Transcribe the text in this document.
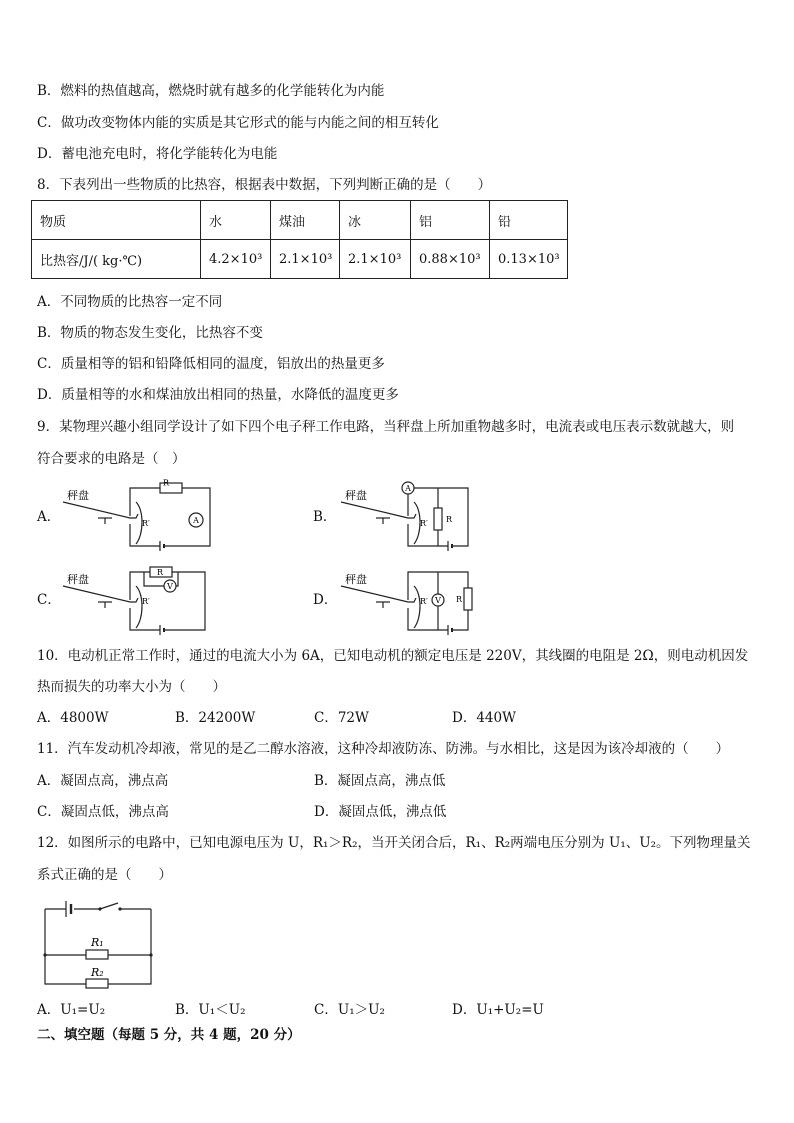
B．燃料的热值越高，燃烧时就有越多的化学能转化为内能
C．做功改变物体内能的实质是其它形式的能与内能之间的相互转化
D．蓄电池充电时，将化学能转化为电能
8．下表列出一些物质的比热容，根据表中数据，下列判断正确的是（　　）
物质	水	煤油	冰	铝	铅
比热容/J/( kg·℃)	4.2×10³	2.1×10³	2.1×10³	0.88×10³	0.13×10³
A．不同物质的比热容一定不同
B．物质的物态发生变化，比热容不变
C．质量相等的铝和铅降低相同的温度，铝放出的热量更多
D．质量相等的水和煤油放出相同的热量，水降低的温度更多
9．某物理兴趣小组同学设计了如下四个电子秤工作电路，当秤盘上所加重物越多时，电流表或电压表示数就越大，则
符合要求的电路是（　）
A．
秤盘
R
R′	A	B．
秤盘
R
R′
A
C．
秤盘
R
R′
V
D．
秤盘
R
R′ V
10．电动机正常工作时，通过的电流大小为 6A，已知电动机的额定电压是 220V，其线圈的电阻是 2Ω，则电动机因发
热而损失的功率大小为（　　）
A．4800W	B．24200W	C．72W	D．440W
11．汽车发动机冷却液，常见的是乙二醇水溶液，这种冷却液防冻、防沸。与水相比，这是因为该冷却液的（　　）
A．凝固点高，沸点高	B．凝固点高，沸点低
C．凝固点低，沸点高	D．凝固点低，沸点低
12．如图所示的电路中，已知电源电压为 U，R₁＞R₂，当开关闭合后，R₁、R₂两端电压分别为 U₁、U₂。下列物理量关
系式正确的是（　　）
R₁
R₂
A．U₁=U₂	B．U₁＜U₂	C．U₁＞U₂	D．U₁+U₂=U
二、填空题（每题 5 分，共 4 题，20 分）
